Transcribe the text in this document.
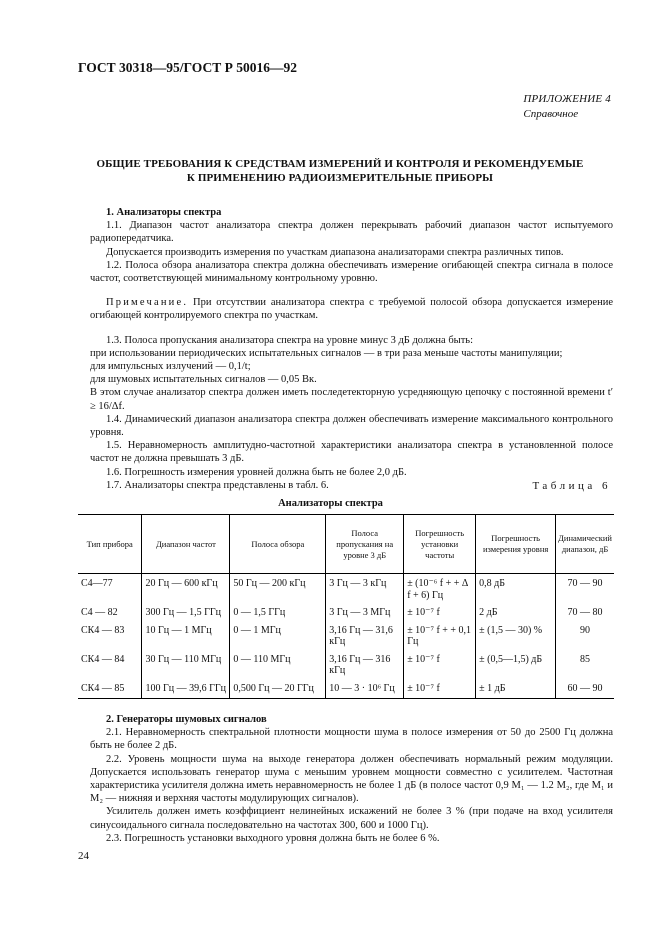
ГОСТ 30318—95/ГОСТ Р 50016—92
ПРИЛОЖЕНИЕ 4
Справочное
ОБЩИЕ ТРЕБОВАНИЯ К СРЕДСТВАМ ИЗМЕРЕНИЙ И КОНТРОЛЯ И РЕКОМЕНДУЕМЫЕ
К ПРИМЕНЕНИЮ РАДИОИЗМЕРИТЕЛЬНЫЕ ПРИБОРЫ

1. Анализаторы спектра

1.1. Диапазон частот анализатора спектра должен перекрывать рабочий диапазон частот испытуемого радиопередатчика.

Допускается производить измерения по участкам диапазона анализаторами спектра различных типов.

1.2. Полоса обзора анализатора спектра должна обеспечивать измерение огибающей спектра сигнала в полосе частот, соответствующей минимальному контрольному уровню.

Примечание. При отсутствии анализатора спектра с требуемой полосой обзора допускается измерение огибающей контролируемого спектра по участкам.

1.3. Полоса пропускания анализатора спектра на уровне минус 3 дБ должна быть:

при использовании периодических испытательных сигналов — в три раза меньше частоты манипуляции;

для импульсных излучений — 0,1/t;

для шумовых испытательных сигналов — 0,05 Bк.

В этом случае анализатор спектра должен иметь последетекторную усредняющую цепочку с постоянной времени t′ ≥ 16/Δf.

1.4. Динамический диапазон анализатора спектра должен обеспечивать измерение максимального контрольного уровня.

1.5. Неравномерность амплитудно-частотной характеристики анализатора спектра в установленной полосе частот не должна превышать 3 дБ.

1.6. Погрешность измерения уровней должна быть не более 2,0 дБ.

1.7. Анализаторы спектра представлены в табл. 6.	Таблица 6
Анализаторы спектра
Тип прибора	Диапазон частот	Полоса обзора	Полоса пропускания на уровне 3 дБ	Погрешность установки частоты	Погрешность измерения уровня	Динамический диапазон, дБ
С4—77	20 Гц — 600 кГц	50 Гц — 200 кГц	3 Гц — 3 кГц	± (10⁻⁶ f + + Δ f + 6) Гц	0,8 дБ	70 — 90
С4 — 82	300 Гц — 1,5 ГГц	0 — 1,5 ГГц	3 Гц — 3 МГц	± 10⁻⁷ f	2 дБ	70 — 80
СК4 — 83	10 Гц — 1 МГц	0 — 1 МГц	3,16 Гц — 31,6 кГц	± 10⁻⁷ f + + 0,1 Гц	± (1,5 — 30) %	90
СК4 — 84	30 Гц — 110 МГц	0 — 110 МГц	3,16 Гц — 316 кГц	± 10⁻⁷ f	± (0,5—1,5) дБ	85
СК4 — 85	100 Гц — 39,6 ГГц	0,500 Гц — 20 ГГц	10 — 3 · 10⁶ Гц	± 10⁻⁷ f	± 1 дБ	60 — 90

2. Генераторы шумовых сигналов

2.1. Неравномерность спектральной плотности мощности шума в полосе измерения от 50 до 2500 Гц должна быть не более 2 дБ.

2.2. Уровень мощности шума на выходе генератора должен обеспечивать нормальный режим модуляции. Допускается использовать генератор шума с меньшим уровнем мощности совместно с усилителем. Частотная характеристика усилителя должна иметь неравномерность не более 1 дБ (в полосе частот 0,9 M₁ — 1.2 M₂, где M₁ и M₂ — нижняя и верхняя частоты модулирующих сигналов).

Усилитель должен иметь коэффициент нелинейных искажений не более 3 % (при подаче на вход усилителя синусоидального сигнала последовательно на частотах 300, 600 и 1000 Гц).

2.3. Погрешность установки выходного уровня должна быть не более 6 %.

24
